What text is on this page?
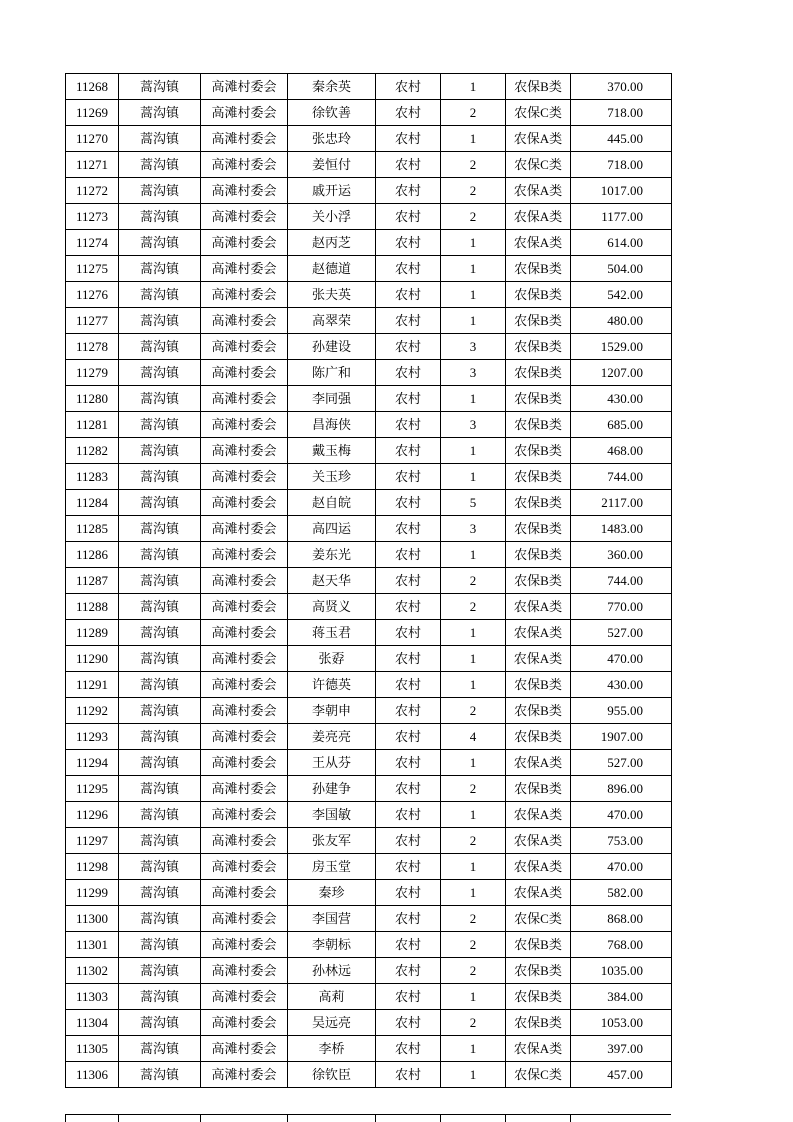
11268	蒿沟镇	高滩村委会	秦余英	农村	1	农保B类	370.00
11269	蒿沟镇	高滩村委会	徐钦善	农村	2	农保C类	718.00
11270	蒿沟镇	高滩村委会	张忠玲	农村	1	农保A类	445.00
11271	蒿沟镇	高滩村委会	姜恒付	农村	2	农保C类	718.00
11272	蒿沟镇	高滩村委会	戚开运	农村	2	农保A类	1017.00
11273	蒿沟镇	高滩村委会	关小浮	农村	2	农保A类	1177.00
11274	蒿沟镇	高滩村委会	赵丙芝	农村	1	农保A类	614.00
11275	蒿沟镇	高滩村委会	赵德道	农村	1	农保B类	504.00
11276	蒿沟镇	高滩村委会	张夫英	农村	1	农保B类	542.00
11277	蒿沟镇	高滩村委会	高翠荣	农村	1	农保B类	480.00
11278	蒿沟镇	高滩村委会	孙建设	农村	3	农保B类	1529.00
11279	蒿沟镇	高滩村委会	陈广和	农村	3	农保B类	1207.00
11280	蒿沟镇	高滩村委会	李同强	农村	1	农保B类	430.00
11281	蒿沟镇	高滩村委会	昌海侠	农村	3	农保B类	685.00
11282	蒿沟镇	高滩村委会	戴玉梅	农村	1	农保B类	468.00
11283	蒿沟镇	高滩村委会	关玉珍	农村	1	农保B类	744.00
11284	蒿沟镇	高滩村委会	赵自皖	农村	5	农保B类	2117.00
11285	蒿沟镇	高滩村委会	高四运	农村	3	农保B类	1483.00
11286	蒿沟镇	高滩村委会	姜东光	农村	1	农保B类	360.00
11287	蒿沟镇	高滩村委会	赵天华	农村	2	农保B类	744.00
11288	蒿沟镇	高滩村委会	高贤义	农村	2	农保A类	770.00
11289	蒿沟镇	高滩村委会	蒋玉君	农村	1	农保A类	527.00
11290	蒿沟镇	高滩村委会	张孬	农村	1	农保A类	470.00
11291	蒿沟镇	高滩村委会	许德英	农村	1	农保B类	430.00
11292	蒿沟镇	高滩村委会	李朝申	农村	2	农保B类	955.00
11293	蒿沟镇	高滩村委会	姜亮亮	农村	4	农保B类	1907.00
11294	蒿沟镇	高滩村委会	王从芬	农村	1	农保A类	527.00
11295	蒿沟镇	高滩村委会	孙建争	农村	2	农保B类	896.00
11296	蒿沟镇	高滩村委会	李国敏	农村	1	农保A类	470.00
11297	蒿沟镇	高滩村委会	张友军	农村	2	农保A类	753.00
11298	蒿沟镇	高滩村委会	房玉堂	农村	1	农保A类	470.00
11299	蒿沟镇	高滩村委会	秦珍	农村	1	农保A类	582.00
11300	蒿沟镇	高滩村委会	李国营	农村	2	农保C类	868.00
11301	蒿沟镇	高滩村委会	李朝标	农村	2	农保B类	768.00
11302	蒿沟镇	高滩村委会	孙林远	农村	2	农保B类	1035.00
11303	蒿沟镇	高滩村委会	高莉	农村	1	农保B类	384.00
11304	蒿沟镇	高滩村委会	吴远亮	农村	2	农保B类	1053.00
11305	蒿沟镇	高滩村委会	李桥	农村	1	农保A类	397.00
11306	蒿沟镇	高滩村委会	徐钦臣	农村	1	农保C类	457.00
